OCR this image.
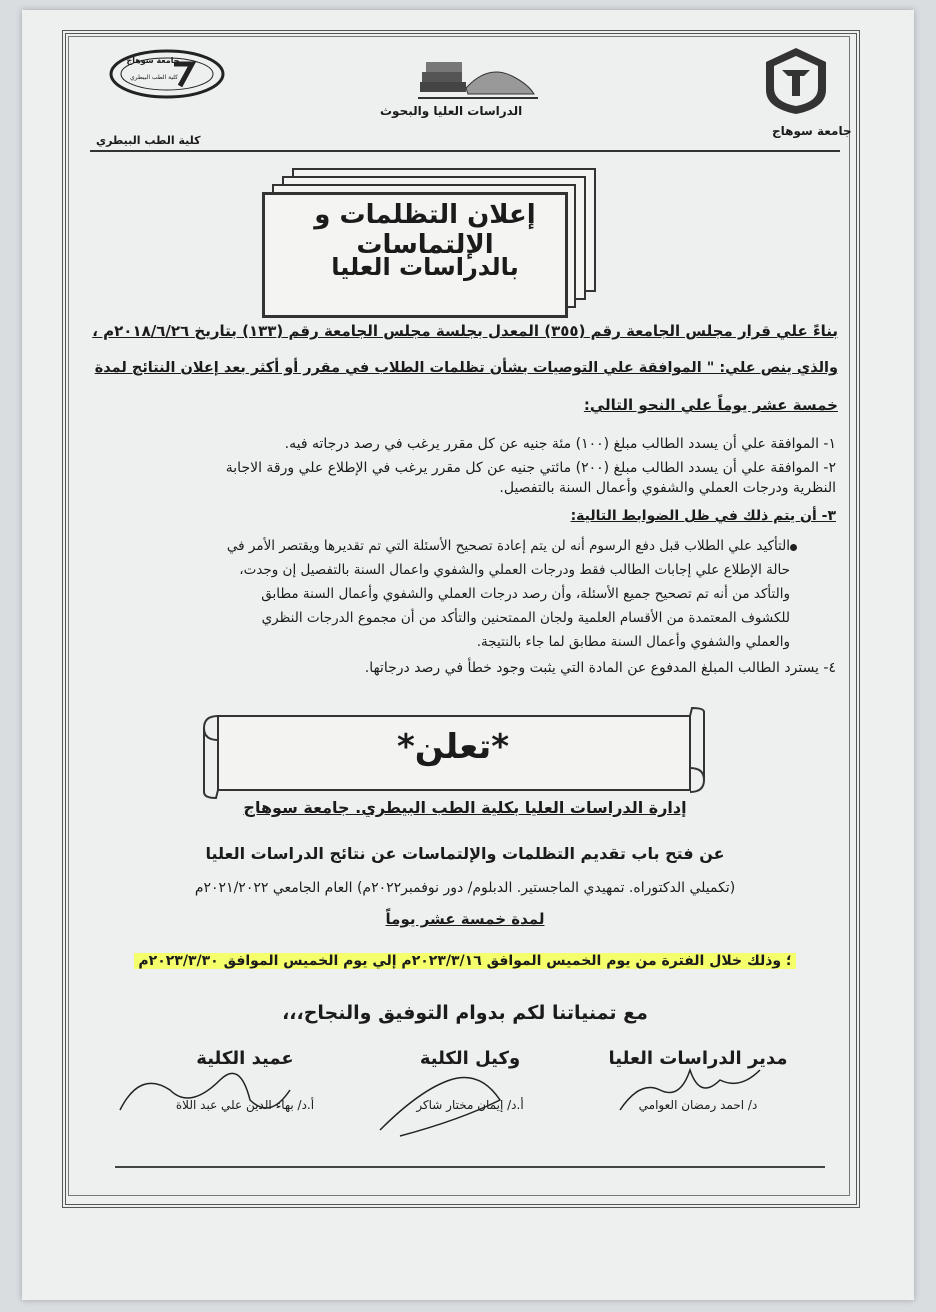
جامعة سوهاج
كلية الطب البيطري
الدراسات العليا والبحوث
جامعة سوهاج
كلية الطب البيطري
إعلان التظلمات و الإلتماسات
بالدراسات العليا
بناءً علي قرار مجلس الجامعة رقم (٣٥٥) المعدل بجلسة مجلس الجامعة رقم (١٣٣) بتاريخ ٢٠١٨/٦/٢٦م ،
والذي ينص علي: " الموافقة علي التوصيات بشأن تظلمات الطلاب في مقرر أو أكثر بعد إعلان النتائج لمدة
خمسة عشر يوماً علي النحو التالي:
١- الموافقة علي أن يسدد الطالب مبلغ (١٠٠) مئة جنيه عن كل مقرر يرغب في رصد درجاته فيه.
٢- الموافقة علي أن يسدد الطالب مبلغ (٢٠٠) مائتي جنيه عن كل مقرر يرغب في الإطلاع علي ورقة الاجابة
النظرية ودرجات العملي والشفوي وأعمال السنة بالتفصيل.
٣- أن يتم ذلك في ظل الضوابط التالية:
التأكيد علي الطلاب قبل دفع الرسوم أنه لن يتم إعادة تصحيح الأسئلة التي تم تقديرها ويقتصر الأمر في
حالة الإطلاع علي إجابات الطالب فقط ودرجات العملي والشفوي واعمال السنة بالتفصيل إن وجدت،
والتأكد من أنه تم تصحيح جميع الأسئلة، وأن رصد درجات العملي والشفوي وأعمال السنة مطابق
للكشوف المعتمدة من الأقسام العلمية ولجان الممتحنين والتأكد من أن مجموع الدرجات النظري
والعملي والشفوي وأعمال السنة مطابق لما جاء بالنتيجة.
٤- يسترد الطالب المبلغ المدفوع عن المادة التي يثبت وجود خطأ في رصد درجاتها.
*تعلن*
إدارة الدراسات العليا بكلية الطب البيطري. جامعة سوهاج
عن فتح باب تقديم التظلمات والإلتماسات عن نتائج الدراسات العليا
(تكميلي الدكتوراه. تمهيدي الماجستير. الدبلوم/ دور نوفمبر٢٠٢٢م) العام الجامعي ٢٠٢١/٢٠٢٢م
لمدة خمسة عشر يوماً
؛ وذلك خلال الفترة من يوم الخميس الموافق ٢٠٢٣/٣/١٦م إلي يوم الخميس الموافق ٢٠٢٣/٣/٣٠م
مع تمنياتنا لكم بدوام التوفيق والنجاح،،،
مدير الدراسات العليا
د/ احمد رمضان العوامي
وكيل الكلية
أ.د/ إيمان مختار شاكر
عميد الكلية
أ.د/ بهاء الدين علي عبد اللاة
